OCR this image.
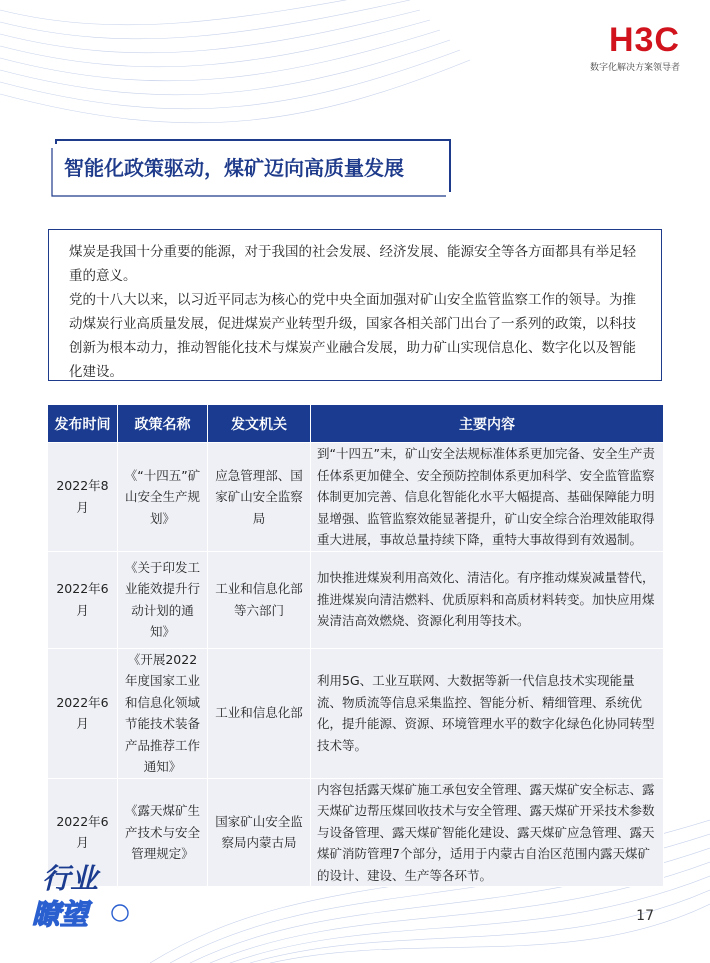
H3C
数字化解决方案领导者
智能化政策驱动，煤矿迈向高质量发展

煤炭是我国十分重要的能源，对于我国的社会发展、经济发展、能源安全等各方面都具有举足轻重的意义。

党的十八大以来，以习近平同志为核心的党中央全面加强对矿山安全监管监察工作的领导。为推动煤炭行业高质量发展，促进煤炭产业转型升级，国家各相关部门出台了一系列的政策，以科技创新为根本动力，推动智能化技术与煤炭产业融合发展，助力矿山实现信息化、数字化以及智能化建设。

发布时间	政策名称	发文机关	主要内容
2022年8月	《“十四五”矿山安全生产规划》	应急管理部、国家矿山安全监察局	到“十四五”末，矿山安全法规标准体系更加完备、安全生产责任体系更加健全、安全预防控制体系更加科学、安全监管监察体制更加完善、信息化智能化水平大幅提高、基础保障能力明显增强、监管监察效能显著提升，矿山安全综合治理效能取得重大进展，事故总量持续下降，重特大事故得到有效遏制。
2022年6月	《关于印发工业能效提升行动计划的通知》	工业和信息化部等六部门	加快推进煤炭利用高效化、清洁化。有序推动煤炭减量替代，推进煤炭向清洁燃料、优质原料和高质材料转变。加快应用煤炭清洁高效燃烧、资源化利用等技术。
2022年6月	《开展2022年度国家工业和信息化领域节能技术装备产品推荐工作通知》	工业和信息化部	利用5G、工业互联网、大数据等新一代信息技术实现能量流、物质流等信息采集监控、智能分析、精细管理、系统优化，提升能源、资源、环境管理水平的数字化绿色化协同转型技术等。
2022年6月	《露天煤矿生产技术与安全管理规定》	国家矿山安全监察局内蒙古局	内容包括露天煤矿施工承包安全管理、露天煤矿安全标志、露天煤矿边帮压煤回收技术与安全管理、露天煤矿开采技术参数与设备管理、露天煤矿智能化建设、露天煤矿应急管理、露天煤矿消防管理7个部分，适用于内蒙古自治区范围内露天煤矿的设计、建设、生产等各环节。
行业
瞭望	17
